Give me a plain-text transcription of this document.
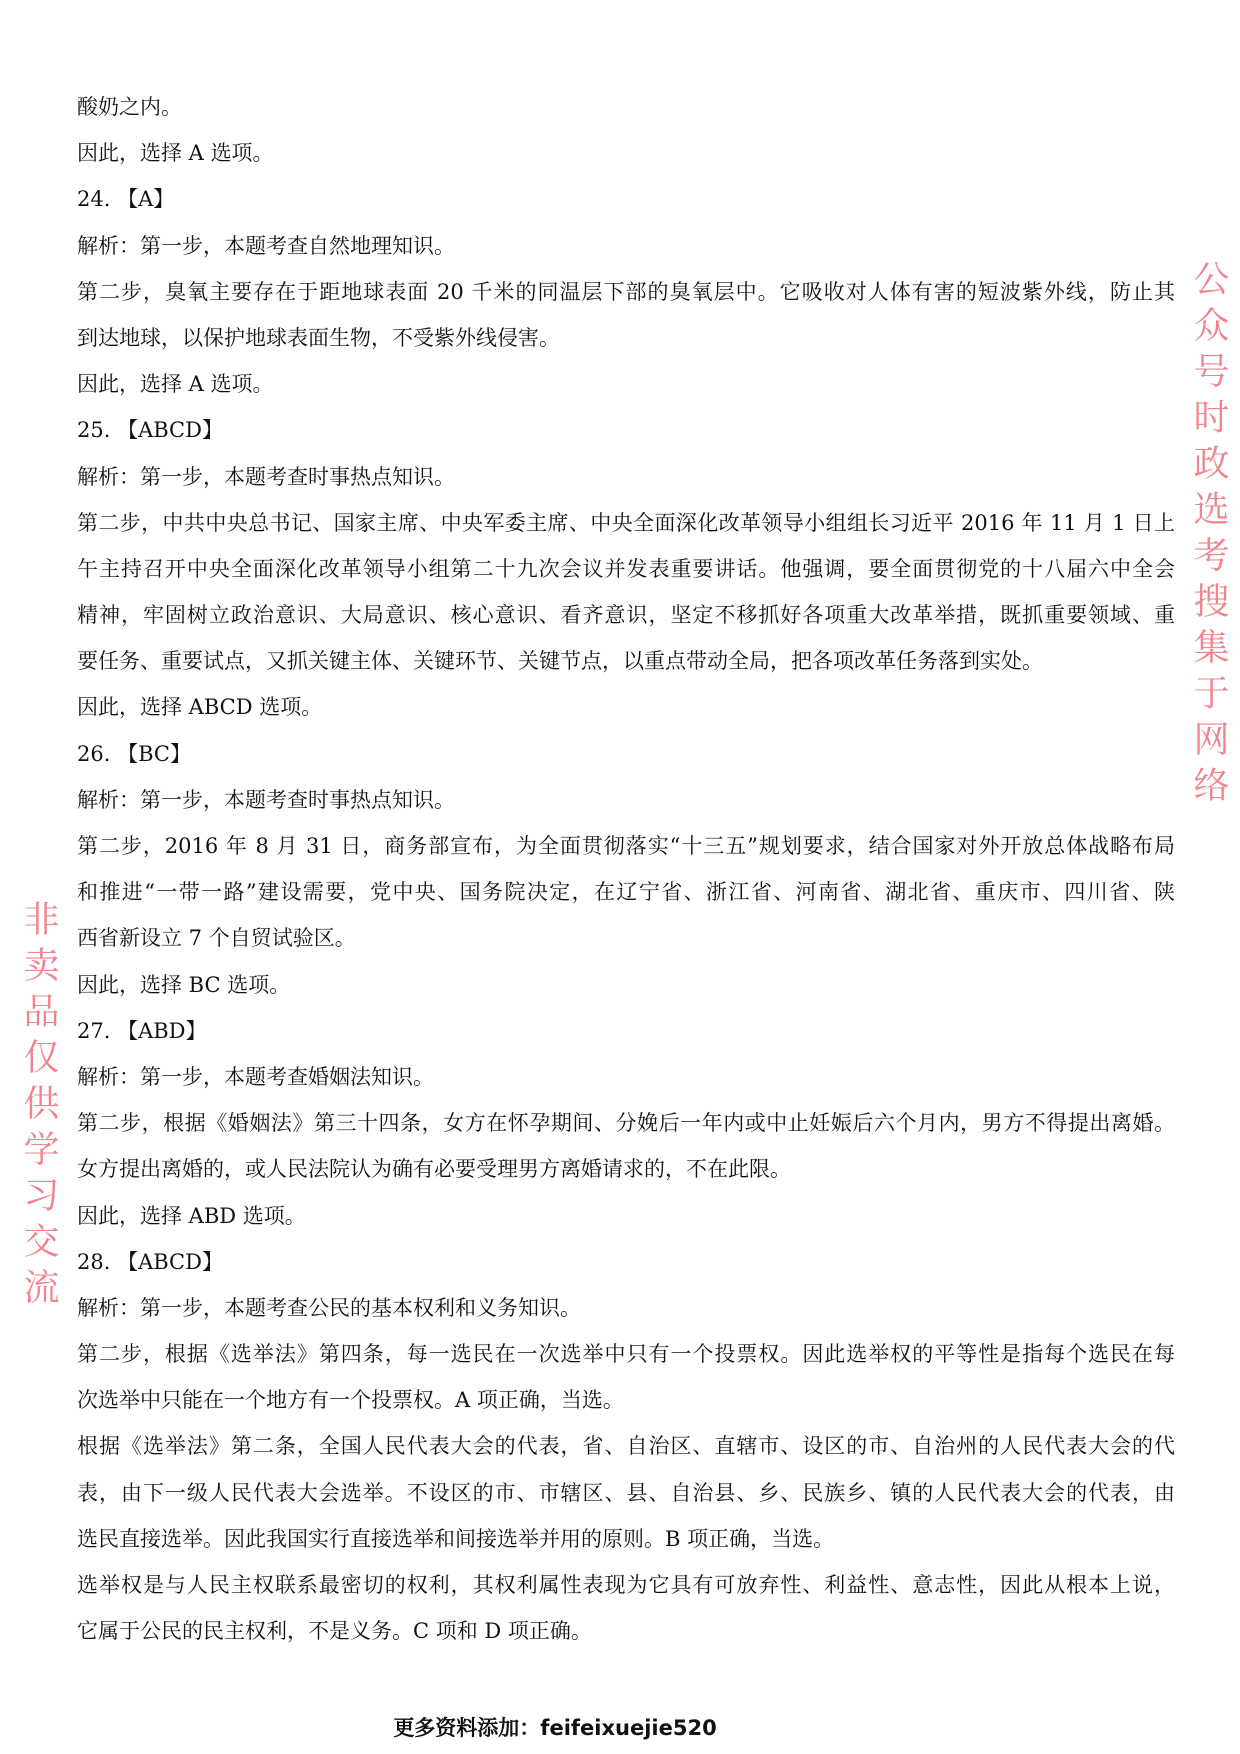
非卖品仅供学习交流
公众号时政选考搜集于网络
酸奶之内。
因此，选择 A 选项。
24. 【A】
解析：第一步，本题考查自然地理知识。
第二步，臭氧主要存在于距地球表面 20 千米的同温层下部的臭氧层中。它吸收对人体有害的短波紫外线，防止其
到达地球，以保护地球表面生物，不受紫外线侵害。
因此，选择 A 选项。
25. 【ABCD】
解析：第一步，本题考查时事热点知识。
第二步，中共中央总书记、国家主席、中央军委主席、中央全面深化改革领导小组组长习近平 2016 年 11 月 1 日上
午主持召开中央全面深化改革领导小组第二十九次会议并发表重要讲话。他强调，要全面贯彻党的十八届六中全会
精神，牢固树立政治意识、大局意识、核心意识、看齐意识，坚定不移抓好各项重大改革举措，既抓重要领域、重
要任务、重要试点，又抓关键主体、关键环节、关键节点，以重点带动全局，把各项改革任务落到实处。
因此，选择 ABCD 选项。
26. 【BC】
解析：第一步，本题考查时事热点知识。
第二步，2016 年 8 月 31 日，商务部宣布，为全面贯彻落实“十三五”规划要求，结合国家对外开放总体战略布局
和推进“一带一路”建设需要，党中央、国务院决定，在辽宁省、浙江省、河南省、湖北省、重庆市、四川省、陕
西省新设立 7 个自贸试验区。
因此，选择 BC 选项。
27. 【ABD】
解析：第一步，本题考查婚姻法知识。
第二步，根据《婚姻法》第三十四条，女方在怀孕期间、分娩后一年内或中止妊娠后六个月内，男方不得提出离婚。
女方提出离婚的，或人民法院认为确有必要受理男方离婚请求的，不在此限。
因此，选择 ABD 选项。
28. 【ABCD】
解析：第一步，本题考查公民的基本权利和义务知识。
第二步，根据《选举法》第四条，每一选民在一次选举中只有一个投票权。因此选举权的平等性是指每个选民在每
次选举中只能在一个地方有一个投票权。A 项正确，当选。
根据《选举法》第二条，全国人民代表大会的代表，省、自治区、直辖市、设区的市、自治州的人民代表大会的代
表，由下一级人民代表大会选举。不设区的市、市辖区、县、自治县、乡、民族乡、镇的人民代表大会的代表，由
选民直接选举。因此我国实行直接选举和间接选举并用的原则。B 项正确，当选。
选举权是与人民主权联系最密切的权利，其权利属性表现为它具有可放弃性、利益性、意志性，因此从根本上说，
它属于公民的民主权利，不是义务。C 项和 D 项正确。
更多资料添加：feifeixuejie520
